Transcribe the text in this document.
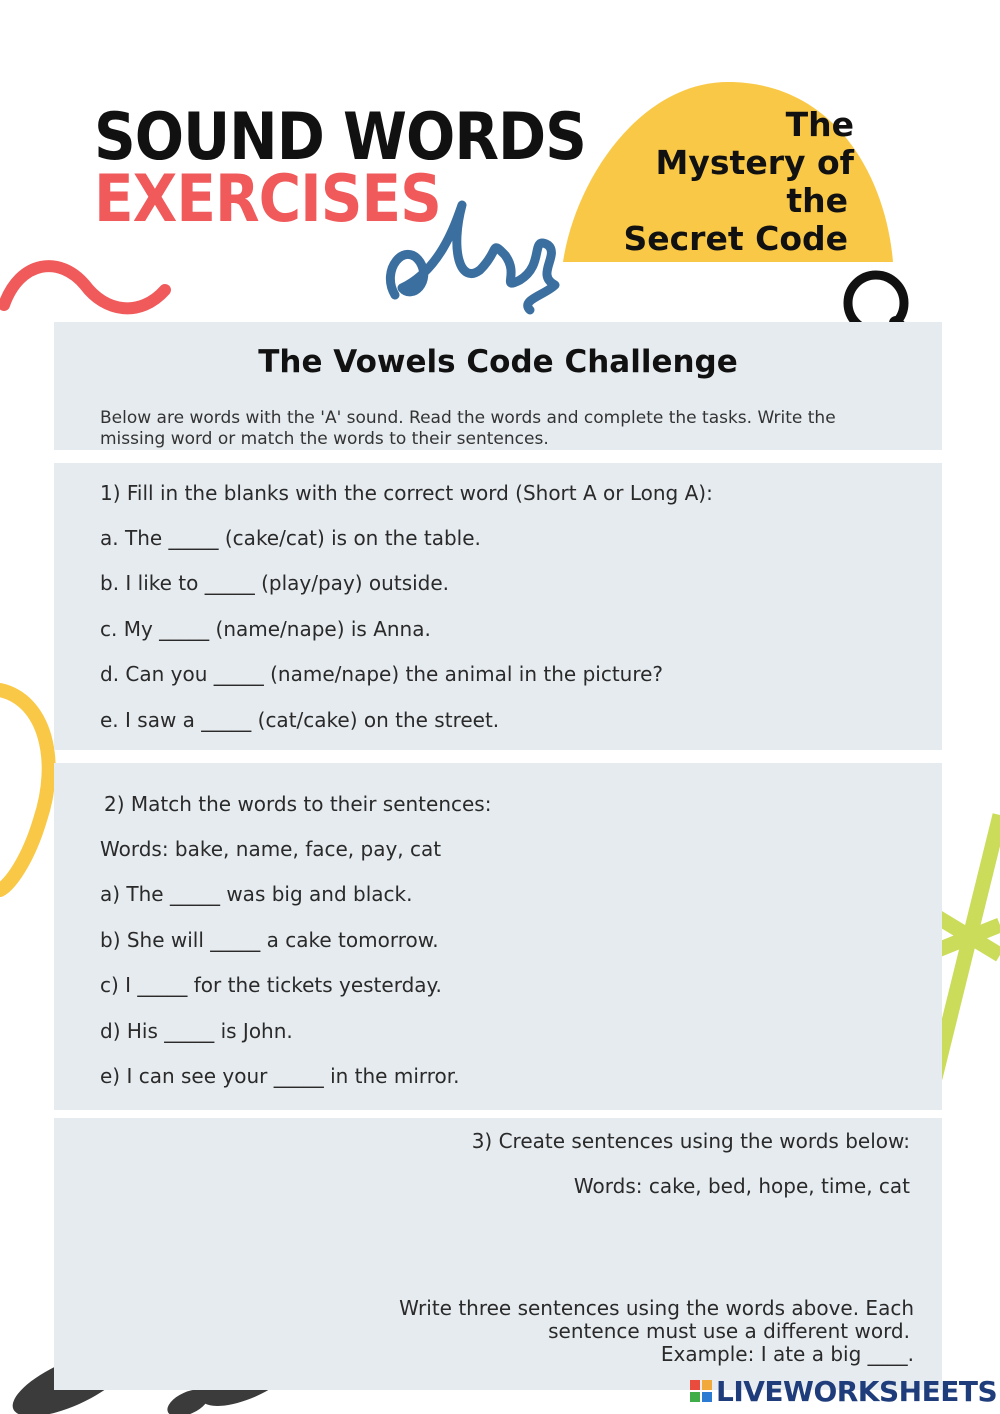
SOUND WORDS
EXERCISES
The
Mystery of
the
Secret Code
The Vowels Code Challenge
Below are words with the 'A' sound. Read the words and complete the tasks. Write the missing word or match the words to their sentences.
1) Fill in the blanks with the correct word (Short A or Long A):
a. The _____ (cake/cat) is on the table.
b. I like to _____ (play/pay) outside.
c. My _____ (name/nape) is Anna.
d. Can you _____ (name/nape) the animal in the picture?
e. I saw a _____ (cat/cake) on the street.
2) Match the words to their sentences:
Words: bake, name, face, pay, cat
a) The _____ was big and black.
b) She will _____ a cake tomorrow.
c) I _____ for the tickets yesterday.
d) His _____ is John.
e) I can see your _____ in the mirror.
3) Create sentences using the words below:
Words: cake, bed, hope, time, cat
Write three sentences using the words above. Each
sentence must use a different word.
Example: I ate a big ____.
LIVEWORKSHEETS
